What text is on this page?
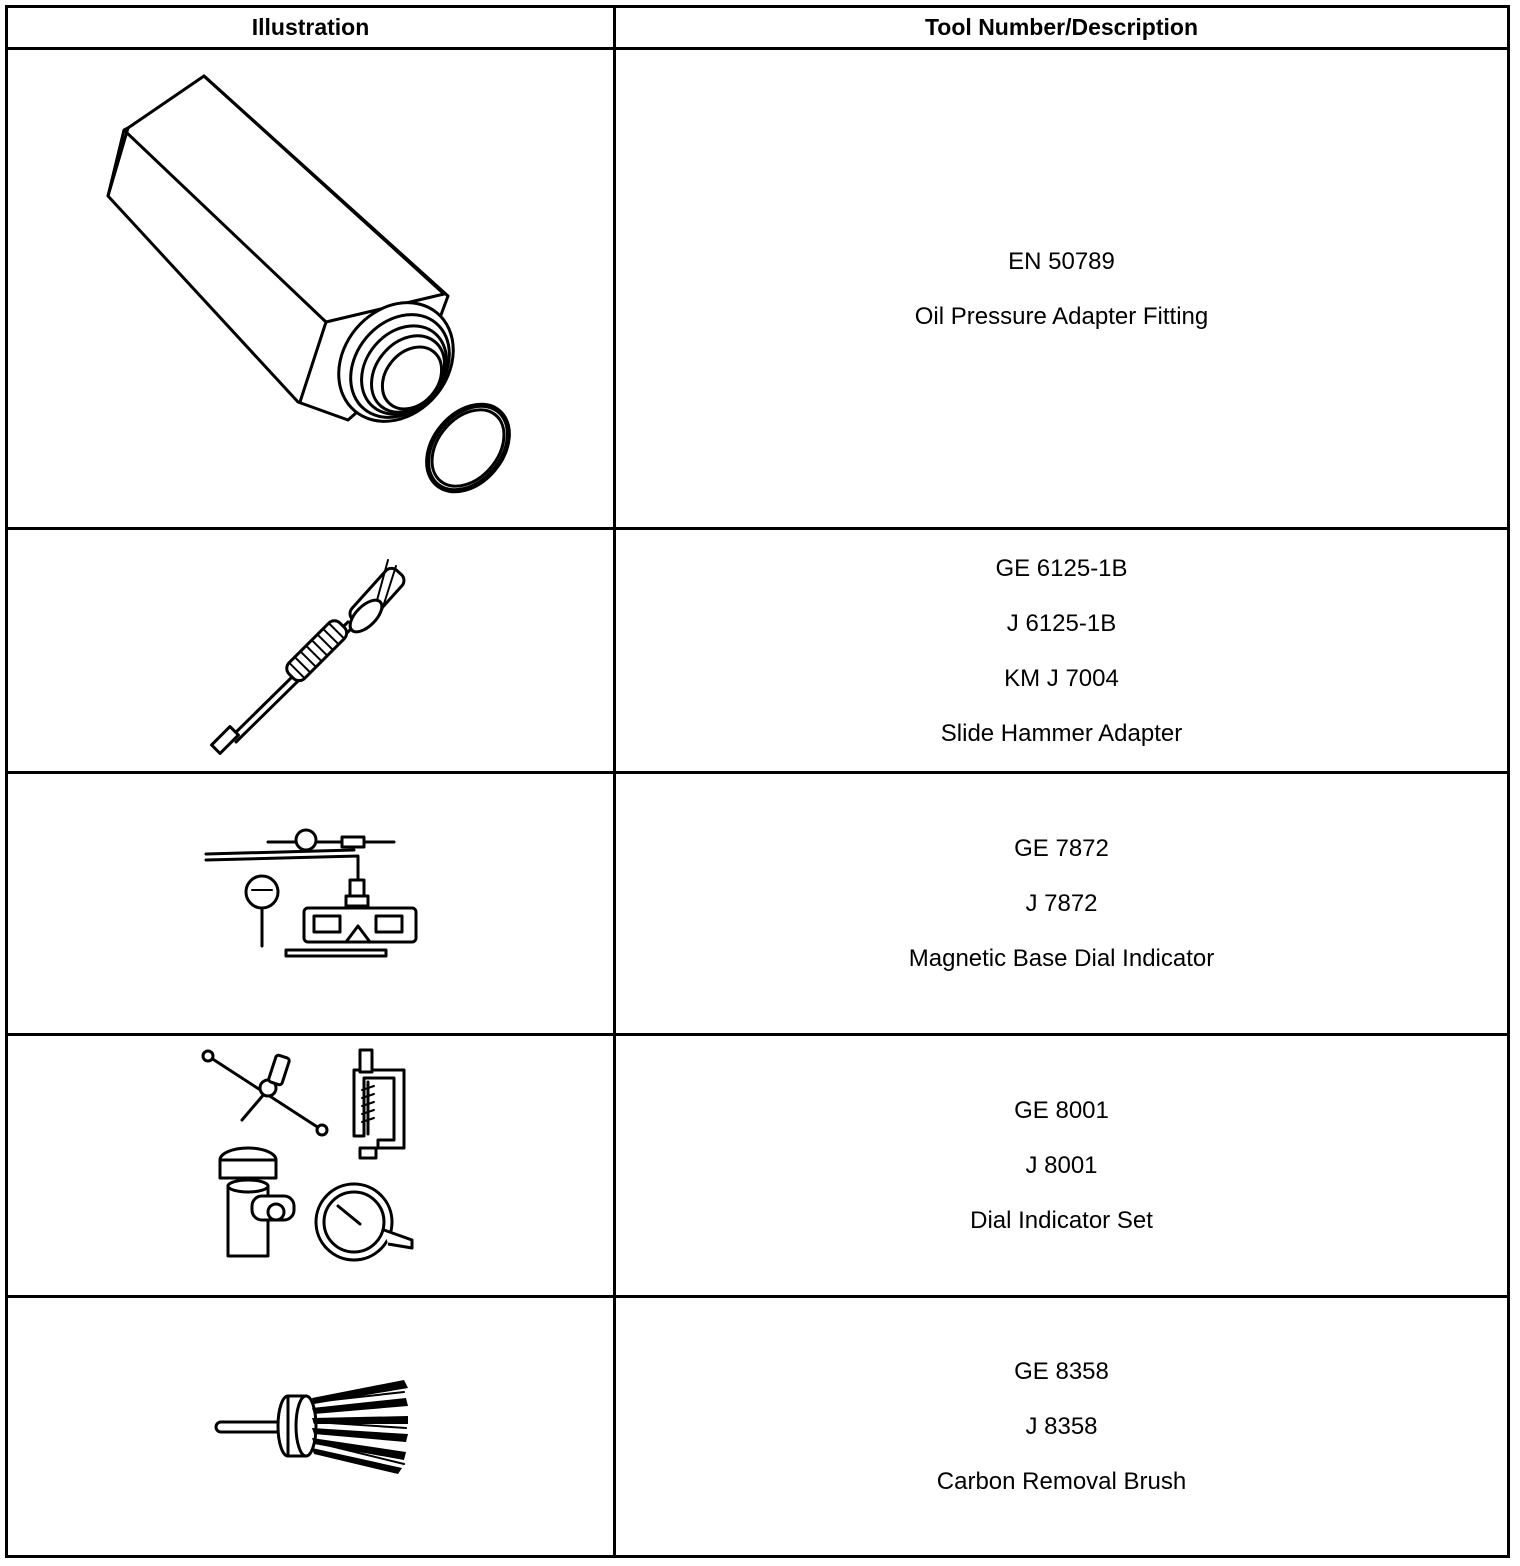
Illustration	Tool Number/Description

EN 50789
Oil Pressure Adapter Fitting

GE 6125-1B
J 6125-1B
KM J 7004
Slide Hammer Adapter

GE 7872
J 7872
Magnetic Base Dial Indicator

GE 8001
J 8001
Dial Indicator Set

GE 8358
J 8358
Carbon Removal Brush
